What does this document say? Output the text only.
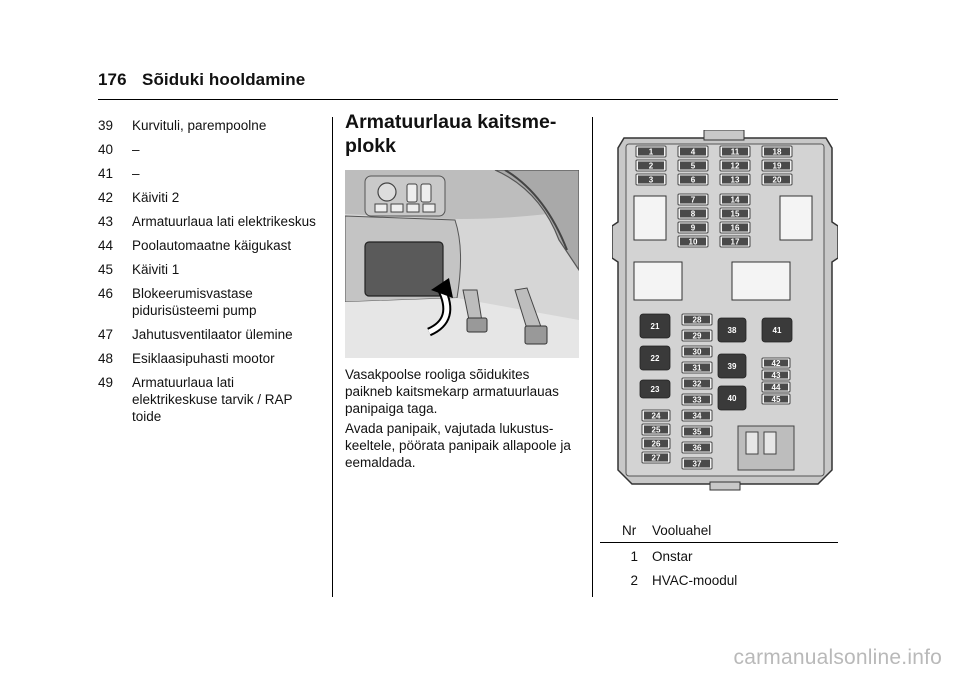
176 Sõiduki hooldamine
39	Kurvituli, parempoolne
40	–
41	–
42	Käiviti 2
43	Armatuurlaua lati elektrikeskus
44	Poolautomaatne käigukast
45	Käiviti 1
46	Blokeerumisvastase pidurisüsteemi pump
47	Jahutusventilaator ülemine
48	Esiklaasipuhasti mootor
49	Armatuurlaua lati elektrikeskuse tarvik / RAP toide
Armatuurlaua kaitsme-
plokk
Vasakpoolse rooliga sõidukites paikneb kaitsmekarp armatuurlauas panipaiga taga.
Avada panipaik, vajutada lukustus-keeltele, pöörata panipaik allapoole ja eemaldada.
1
2
3
4
5
6
11
12
13
18
19
20
7
8
9
10
14
15
16
17
21
22
23
24
25
26
27
28
29
30
31
32
33
34
35
36
37
38
39
40
41
42
43
44
45
Nr	Vooluahel
1	Onstar
2	HVAC-moodul
carmanualsonline.info
